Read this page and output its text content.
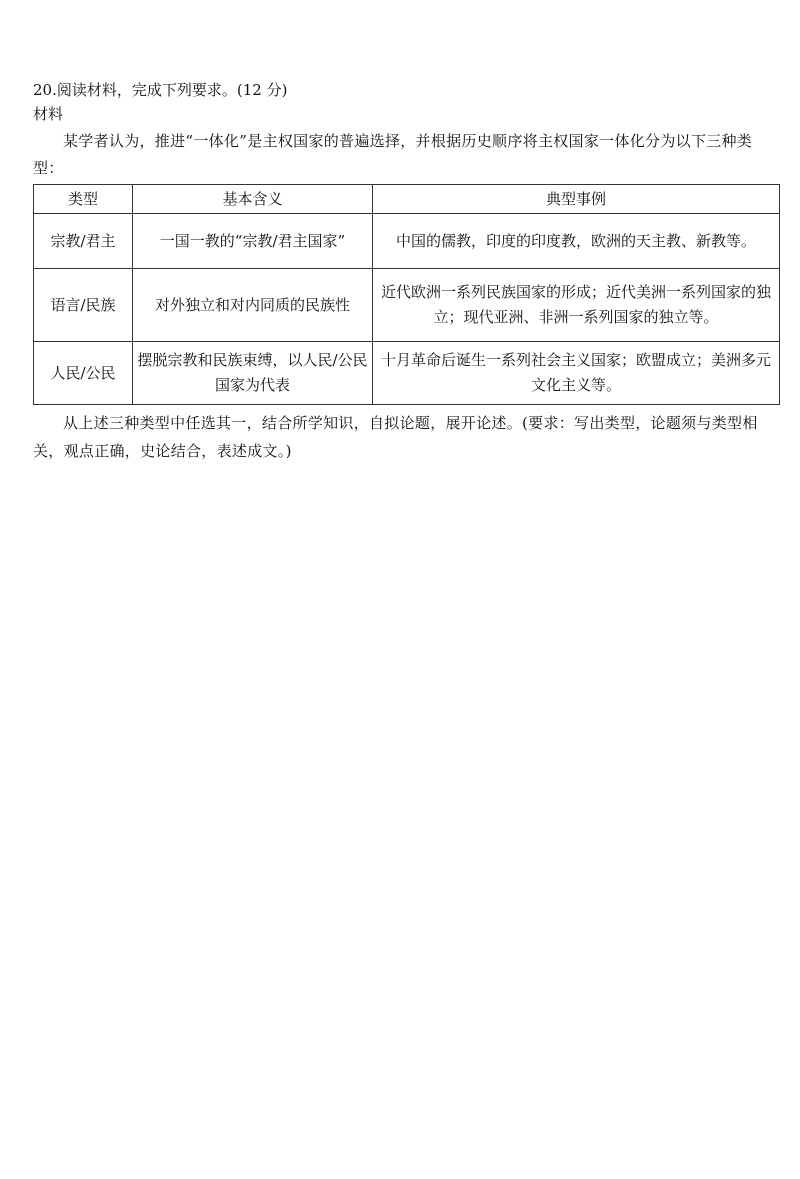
20.阅读材料，完成下列要求。(12 分)

材料

某学者认为，推进“一体化”是主权国家的普遍选择，并根据历史顺序将主权国家一体化分为以下三种类型：

类型	基本含义	典型事例
宗教/君主	一国一教的“宗教/君主国家”	中国的儒教，印度的印度教，欧洲的天主教、新教等。
语言/民族	对外独立和对内同质的民族性	近代欧洲一系列民族国家的形成；近代美洲一系列国家的独立；现代亚洲、非洲一系列国家的独立等。
人民/公民	摆脱宗教和民族束缚，以人民/公民国家为代表	十月革命后诞生一系列社会主义国家；欧盟成立；美洲多元文化主义等。

从上述三种类型中任选其一，结合所学知识，自拟论题，展开论述。(要求：写出类型，论题须与类型相关，观点正确，史论结合，表述成文。)
